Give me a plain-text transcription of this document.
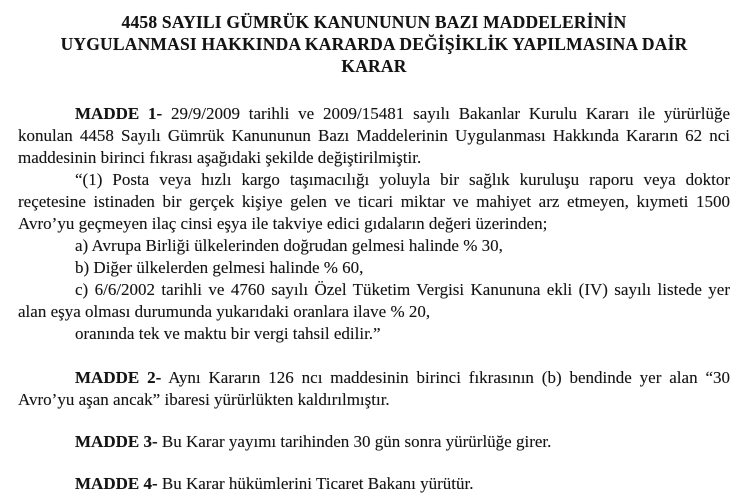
4458 SAYILI GÜMRÜK KANUNUNUN BAZI MADDELERİNİN
UYGULANMASI HAKKINDA KARARDA DEĞİŞİKLİK YAPILMASINA DAİR
KARAR

MADDE 1- 29/9/2009 tarihli ve 2009/15481 sayılı Bakanlar Kurulu Kararı ile yürürlüğe konulan 4458 Sayılı Gümrük Kanununun Bazı Maddelerinin Uygulanması Hakkında Kararın 62 nci maddesinin birinci fıkrası aşağıdaki şekilde değiştirilmiştir.

“(1) Posta veya hızlı kargo taşımacılığı yoluyla bir sağlık kuruluşu raporu veya doktor reçetesine istinaden bir gerçek kişiye gelen ve ticari miktar ve mahiyet arz etmeyen, kıymeti 1500 Avro’yu geçmeyen ilaç cinsi eşya ile takviye edici gıdaların değeri üzerinden;

a) Avrupa Birliği ülkelerinden doğrudan gelmesi halinde % 30,

b) Diğer ülkelerden gelmesi halinde % 60,

c) 6/6/2002 tarihli ve 4760 sayılı Özel Tüketim Vergisi Kanununa ekli (IV) sayılı listede yer alan eşya olması durumunda yukarıdaki oranlara ilave % 20,

oranında tek ve maktu bir vergi tahsil edilir.”

MADDE 2- Aynı Kararın 126 ncı maddesinin birinci fıkrasının (b) bendinde yer alan “30 Avro’yu aşan ancak” ibaresi yürürlükten kaldırılmıştır.

MADDE 3- Bu Karar yayımı tarihinden 30 gün sonra yürürlüğe girer.

MADDE 4- Bu Karar hükümlerini Ticaret Bakanı yürütür.
